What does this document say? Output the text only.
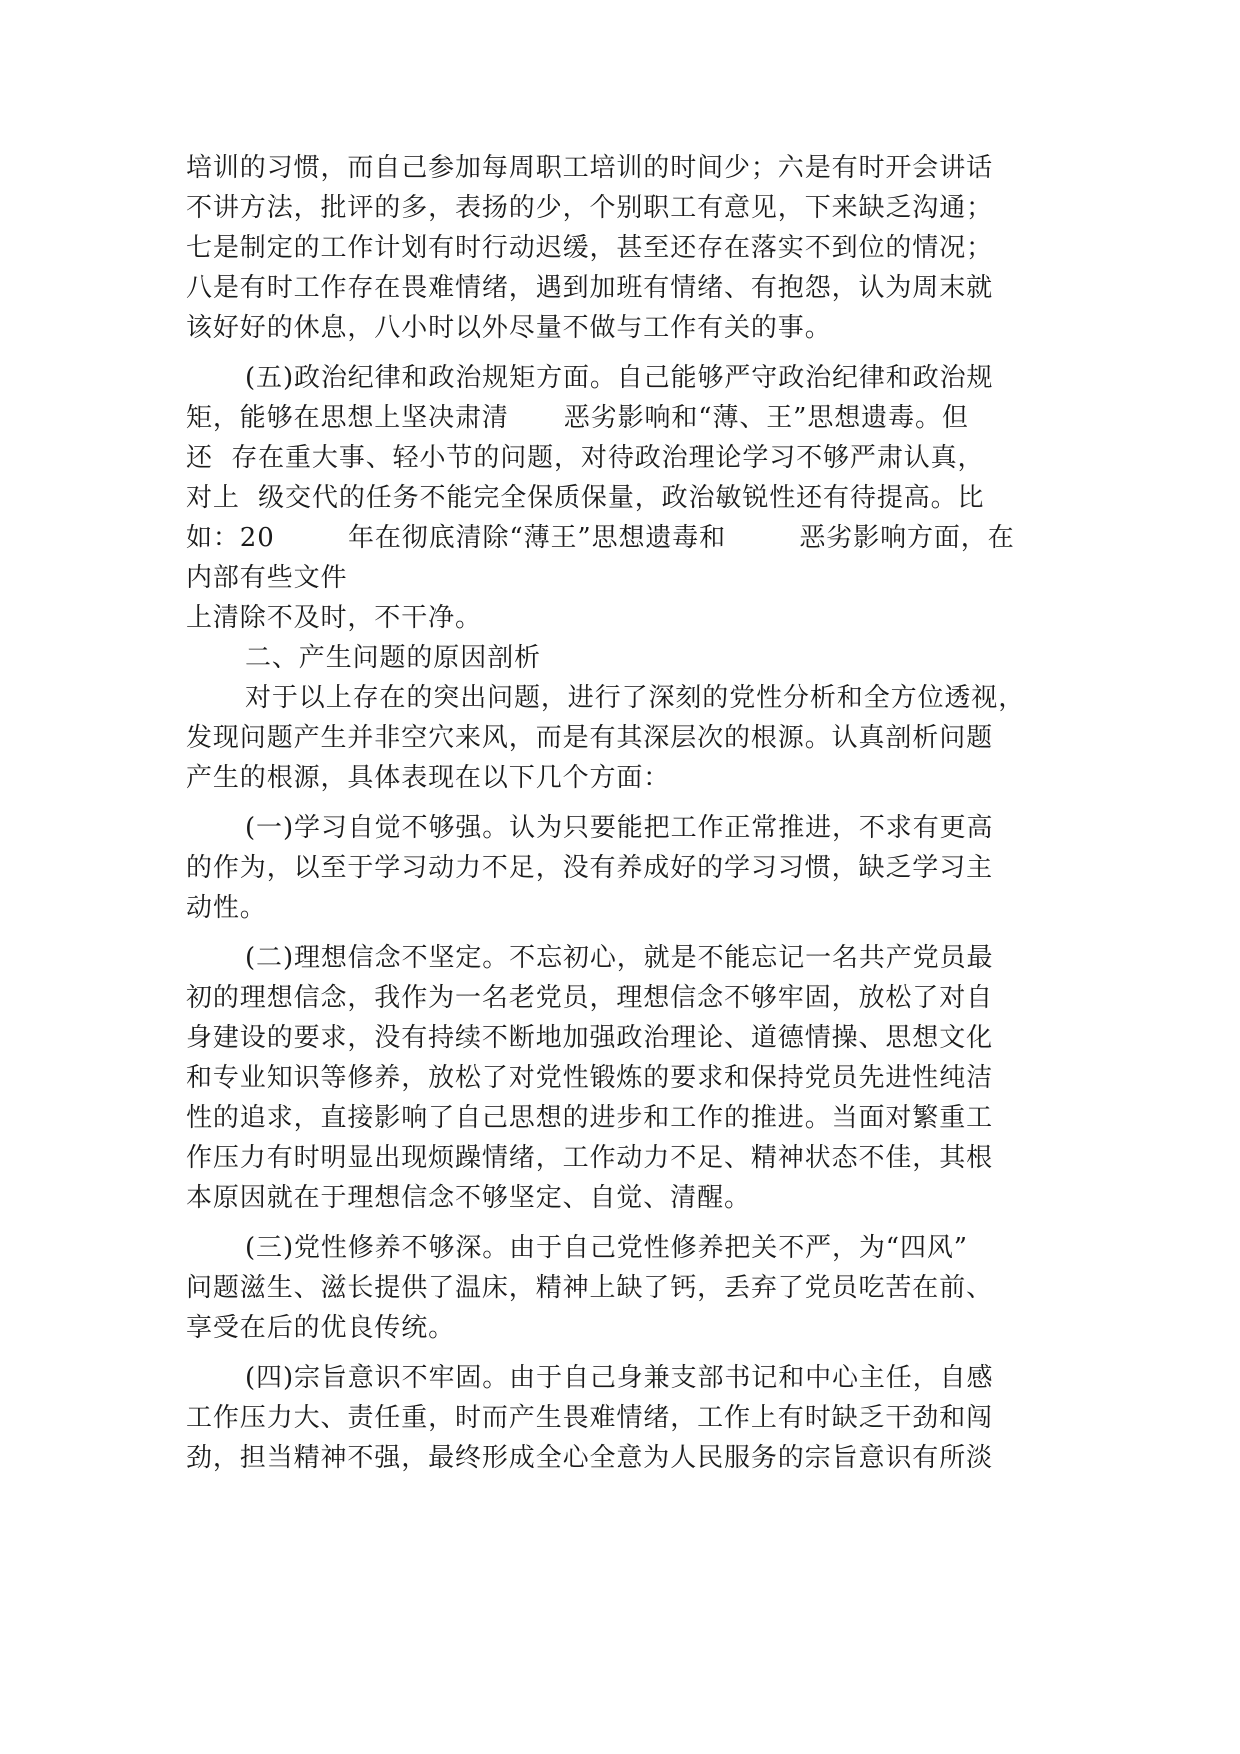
培训的习惯，而自己参加每周职工培训的时间少；六是有时开会讲话
不讲方法，批评的多，表扬的少，个别职工有意见，下来缺乏沟通；
七是制定的工作计划有时行动迟缓，甚至还存在落实不到位的情况；
八是有时工作存在畏难情绪，遇到加班有情绪、有抱怨，认为周末就
该好好的休息，八小时以外尽量不做与工作有关的事。
(五)政治纪律和政治规矩方面。自己能够严守政治纪律和政治规
矩，能够在思想上坚决肃清      恶劣影响和“薄、王”思想遗毒。但
还  存在重大事、轻小节的问题，对待政治理论学习不够严肃认真，
对上  级交代的任务不能完全保质保量，政治敏锐性还有待提高。比
如：20        年在彻底清除“薄王”思想遗毒和        恶劣影响方面，在
内部有些文件
上清除不及时，不干净。
二、产生问题的原因剖析
对于以上存在的突出问题，进行了深刻的党性分析和全方位透视，
发现问题产生并非空穴来风，而是有其深层次的根源。认真剖析问题
产生的根源，具体表现在以下几个方面：
(一)学习自觉不够强。认为只要能把工作正常推进，不求有更高
的作为，以至于学习动力不足，没有养成好的学习习惯，缺乏学习主
动性。
(二)理想信念不坚定。不忘初心，就是不能忘记一名共产党员最
初的理想信念，我作为一名老党员，理想信念不够牢固，放松了对自
身建设的要求，没有持续不断地加强政治理论、道德情操、思想文化
和专业知识等修养，放松了对党性锻炼的要求和保持党员先进性纯洁
性的追求，直接影响了自己思想的进步和工作的推进。当面对繁重工
作压力有时明显出现烦躁情绪，工作动力不足、精神状态不佳，其根
本原因就在于理想信念不够坚定、自觉、清醒。
(三)党性修养不够深。由于自己党性修养把关不严，为“四风”
问题滋生、滋长提供了温床，精神上缺了钙，丢弃了党员吃苦在前、
享受在后的优良传统。
(四)宗旨意识不牢固。由于自己身兼支部书记和中心主任，自感
工作压力大、责任重，时而产生畏难情绪，工作上有时缺乏干劲和闯
劲，担当精神不强，最终形成全心全意为人民服务的宗旨意识有所淡
